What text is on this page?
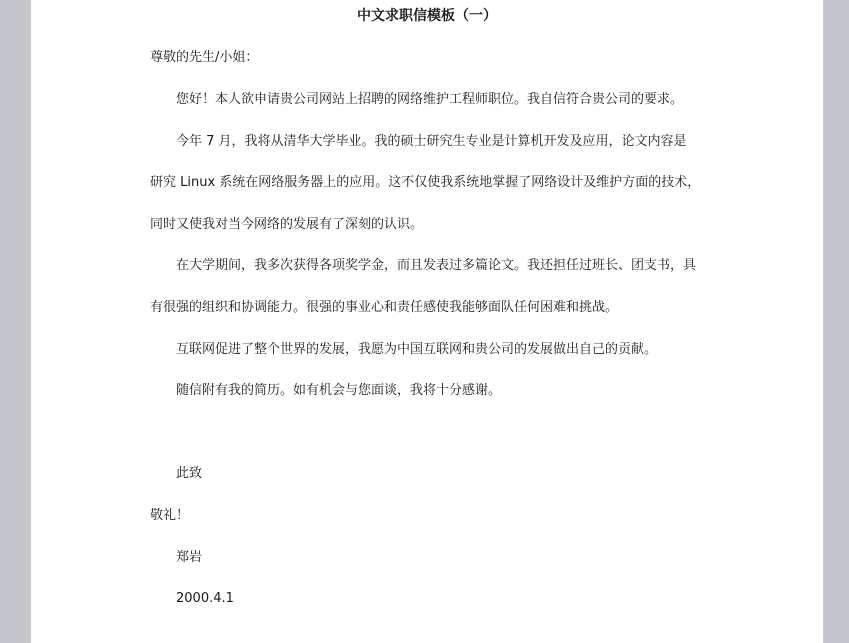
中文求职信模板（一）
尊敬的先生/小姐：
您好！本人欲申请贵公司网站上招聘的网络维护工程师职位。我自信符合贵公司的要求。
今年 7 月，我将从清华大学毕业。我的硕士研究生专业是计算机开发及应用，论文内容是
研究 Linux 系统在网络服务器上的应用。这不仅使我系统地掌握了网络设计及维护方面的技术，
同时又使我对当今网络的发展有了深刻的认识。
在大学期间，我多次获得各项奖学金，而且发表过多篇论文。我还担任过班长、团支书，具
有很强的组织和协调能力。很强的事业心和责任感使我能够面队任何困难和挑战。
互联网促进了整个世界的发展，我愿为中国互联网和贵公司的发展做出自己的贡献。
随信附有我的简历。如有机会与您面谈，我将十分感谢。
此致
敬礼！
郑岩
2000.4.1
